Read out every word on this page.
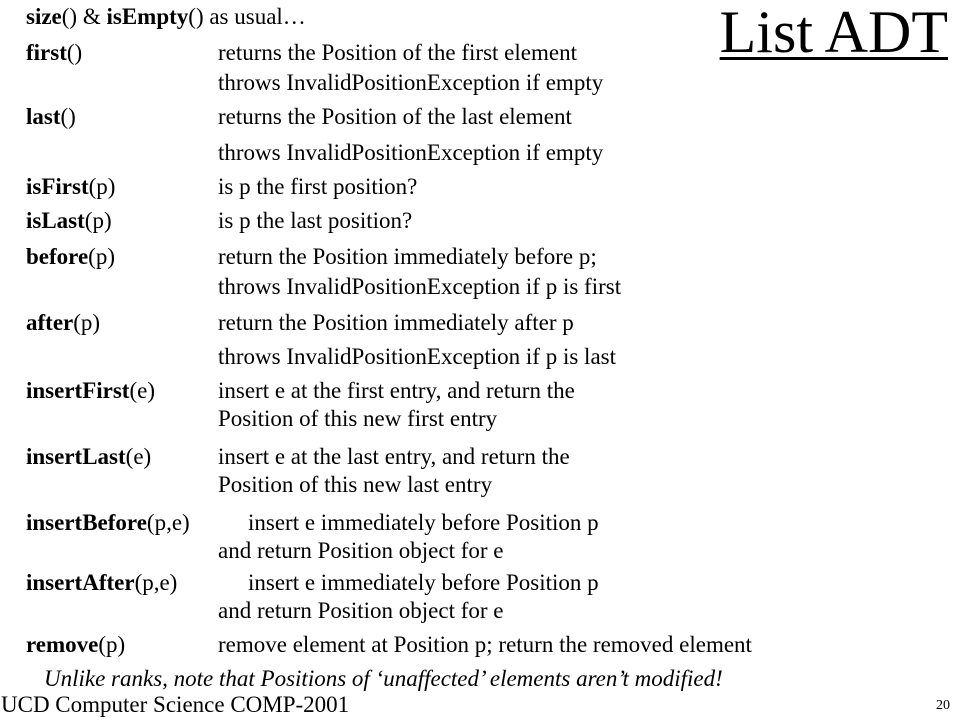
List ADT
size() & isEmpty() as usual…
first()	returns the Position of the first element
throws InvalidPositionException if empty
last()	returns the Position of the last element
throws InvalidPositionException if empty
isFirst(p)	is p the first position?
isLast(p)	is p the last position?
before(p)	return the Position immediately before p;
throws InvalidPositionException if p is first
after(p)	return the Position immediately after p
throws InvalidPositionException if p is last
insertFirst(e)	insert e at the first entry, and return the
Position of this new first entry
insertLast(e)	insert e at the last entry, and return the
Position of this new last entry
insertBefore(p,e)	insert e immediately before Position p
and return Position object for e
insertAfter(p,e)	insert e immediately before Position p
and return Position object for e
remove(p)	remove element at Position p; return the removed element
Unlike ranks, note that Positions of ‘unaffected’ elements aren’t modified!
UCD Computer Science COMP-2001	20
